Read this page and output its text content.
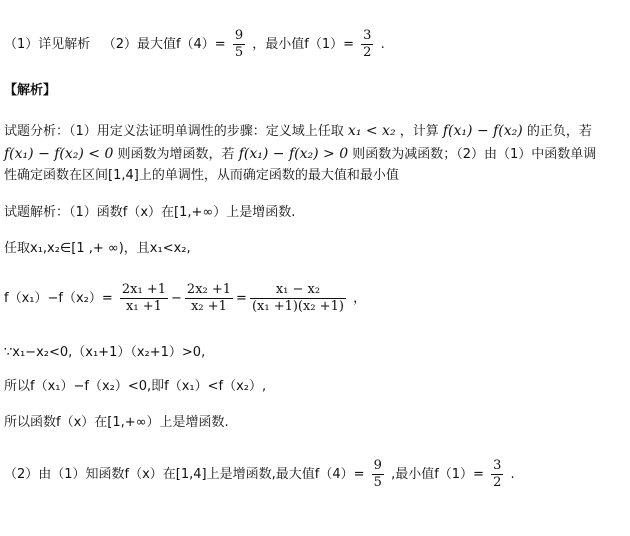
（1）详见解析 （2）最大值$f(4)= \frac{9}{5}$ ，最小值$f(1)= \frac{3}{2}$ .
【解析】
试题分析：（1）用定义法证明单调性的步骤：定义域上任取 x₁ < x₂ ，计算 f(x₁) − f(x₂) 的正负，若
f(x₁) − f(x₂) < 0 则函数为增函数，若 f(x₁) − f(x₂) > 0 则函数为减函数；（2）由（1）中函数单调
性确定函数在区间[1,4]上的单调性，从而确定函数的最大值和最小值
试题解析：（1）函数f（x）在[1,+∞）上是增函数.
任取x₁,x₂∈[1 ,+ ∞)，且x₁<x₂,
$f(x_1)-f(x_2)= \frac{\text{2x₁ +1}}{\text{x₁ +1}} - \frac{\text{2x₂ +1}}{\text{x₂ +1}} = \frac{\text{x₁ − x₂}}{\text{(x₁ +1)(x₂ +1)}}$ ，
∵x₁−x₂<0,（x₁+1）（x₂+1）>0,
所以f（x₁）−f（x₂）<0,即f（x₁）<f（x₂）,
所以函数f（x）在[1,+∞）上是增函数.
（2）由（1）知函数f（x）在[1,4]上是增函数,最大值$f(4)= \frac{9}{5}$ ,最小值$f(1)= \frac{3}{2}$ .
